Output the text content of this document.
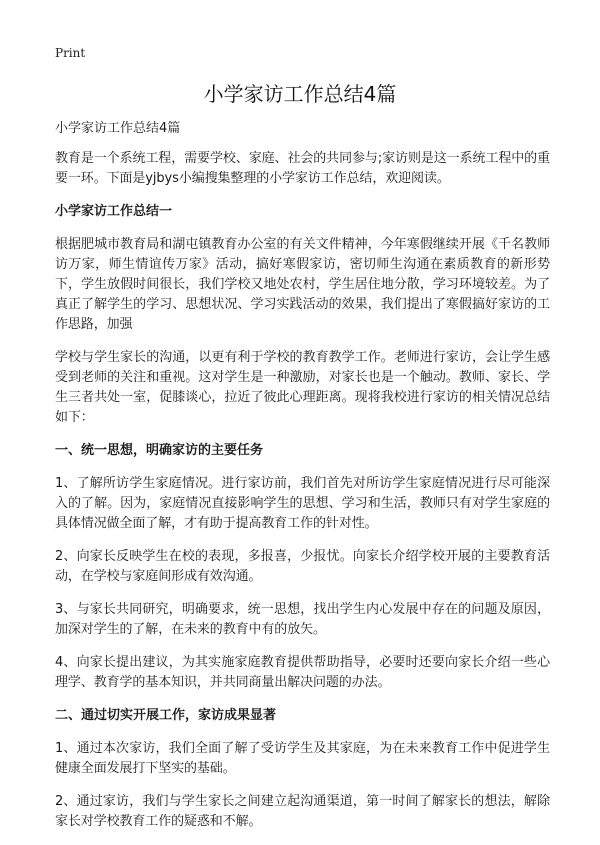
Print
小学家访工作总结4篇

小学家访工作总结4篇

教育是一个系统工程，需要学校、家庭、社会的共同参与;家访则是这一系统工程中的重要一环。下面是yjbys小编搜集整理的小学家访工作总结，欢迎阅读。

小学家访工作总结一

根据肥城市教育局和湖屯镇教育办公室的有关文件精神，今年寒假继续开展《千名教师访万家，师生情谊传万家》活动，搞好寒假家访，密切师生沟通在素质教育的新形势下，学生放假时间很长，我们学校又地处农村，学生居住地分散，学习环境较差。为了真正了解学生的学习、思想状况、学习实践活动的效果，我们提出了寒假搞好家访的工作思路，加强

学校与学生家长的沟通，以更有利于学校的教育教学工作。老师进行家访，会让学生感受到老师的关注和重视。这对学生是一种激励，对家长也是一个触动。教师、家长、学生三者共处一室，促膝谈心，拉近了彼此心理距离。现将我校进行家访的相关情况总结如下：

一、统一思想，明确家访的主要任务

1、了解所访学生家庭情况。进行家访前，我们首先对所访学生家庭情况进行尽可能深入的了解。因为，家庭情况直接影响学生的思想、学习和生活，教师只有对学生家庭的具体情况做全面了解，才有助于提高教育工作的针对性。

2、向家长反映学生在校的表现，多报喜，少报忧。向家长介绍学校开展的主要教育活动，在学校与家庭间形成有效沟通。

3、与家长共同研究，明确要求，统一思想，找出学生内心发展中存在的问题及原因，加深对学生的了解，在未来的教育中有的放矢。

4、向家长提出建议，为其实施家庭教育提供帮助指导，必要时还要向家长介绍一些心理学、教育学的基本知识，并共同商量出解决问题的办法。

二、通过切实开展工作，家访成果显著

1、通过本次家访，我们全面了解了受访学生及其家庭，为在未来教育工作中促进学生健康全面发展打下坚实的基础。

2、通过家访，我们与学生家长之间建立起沟通渠道，第一时间了解家长的想法，解除家长对学校教育工作的疑惑和不解。
